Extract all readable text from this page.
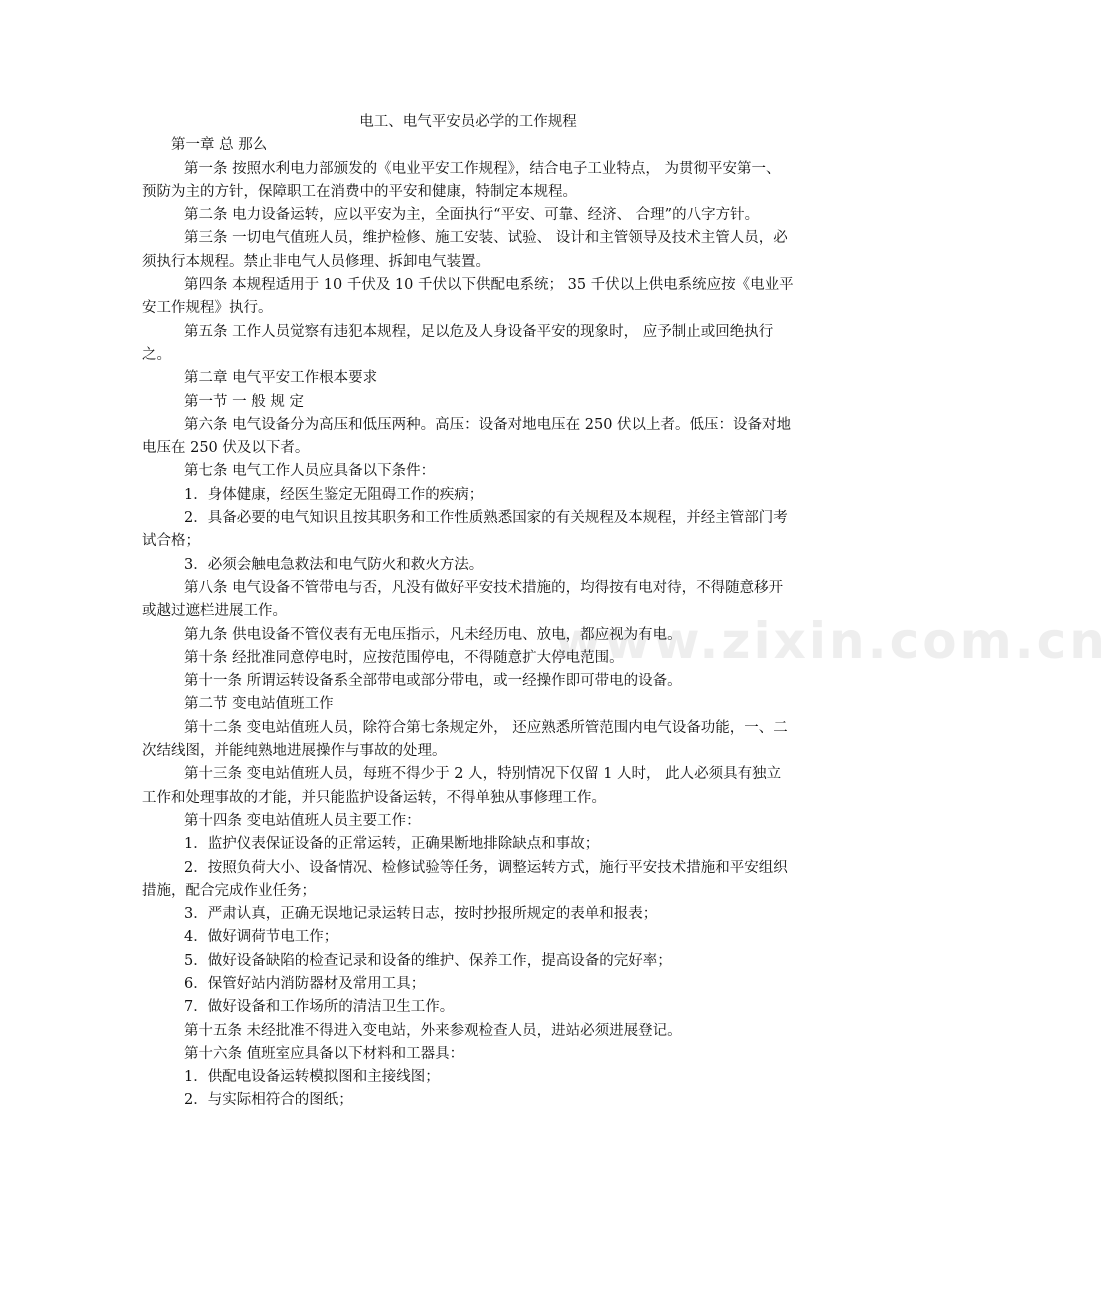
www.zixin.com.cn

电工、电气平安员必学的工作规程

第一章 总 那么

第一条 按照水利电力部颁发的《电业平安工作规程》，结合电子工业特点， 为贯彻平安第一、预防为主的方针，保障职工在消费中的平安和健康，特制定本规程。

第二条 电力设备运转，应以平安为主，全面执行“平安、可靠、经济、 合理”的八字方针。

第三条 一切电气值班人员，维护检修、施工安装、试验、 设计和主管领导及技术主管人员，必须执行本规程。禁止非电气人员修理、拆卸电气装置。

第四条 本规程适用于 10 千伏及 10 千伏以下供配电系统； 35 千伏以上供电系统应按《电业平安工作规程》执行。

第五条 工作人员觉察有违犯本规程，足以危及人身设备平安的现象时， 应予制止或回绝执行之。

第二章 电气平安工作根本要求

第一节 一 般 规 定

第六条 电气设备分为高压和低压两种。高压：设备对地电压在 250 伏以上者。低压：设备对地电压在 250 伏及以下者。

第七条 电气工作人员应具备以下条件：

1．身体健康，经医生鉴定无阻碍工作的疾病；

2．具备必要的电气知识且按其职务和工作性质熟悉国家的有关规程及本规程，并经主管部门考试合格；

3．必须会触电急救法和电气防火和救火方法。

第八条 电气设备不管带电与否，凡没有做好平安技术措施的，均得按有电对待，不得随意移开或越过遮栏进展工作。

第九条 供电设备不管仪表有无电压指示，凡未经历电、放电，都应视为有电。

第十条 经批准同意停电时，应按范围停电，不得随意扩大停电范围。

第十一条 所谓运转设备系全部带电或部分带电，或一经操作即可带电的设备。

第二节 变电站值班工作

第十二条 变电站值班人员，除符合第七条规定外， 还应熟悉所管范围内电气设备功能，一、二次结线图，并能纯熟地进展操作与事故的处理。

第十三条 变电站值班人员，每班不得少于 2 人，特别情况下仅留 1 人时， 此人必须具有独立工作和处理事故的才能，并只能监护设备运转，不得单独从事修理工作。

第十四条 变电站值班人员主要工作：

1．监护仪表保证设备的正常运转，正确果断地排除缺点和事故；

2．按照负荷大小、设备情况、检修试验等任务，调整运转方式，施行平安技术措施和平安组织措施，配合完成作业任务；

3．严肃认真，正确无误地记录运转日志，按时抄报所规定的表单和报表；

4．做好调荷节电工作；

5．做好设备缺陷的检查记录和设备的维护、保养工作，提高设备的完好率；

6．保管好站内消防器材及常用工具；

7．做好设备和工作场所的清洁卫生工作。

第十五条 未经批准不得进入变电站，外来参观检查人员，进站必须进展登记。

第十六条 值班室应具备以下材料和工器具：

1．供配电设备运转模拟图和主接线图；

2．与实际相符合的图纸；
